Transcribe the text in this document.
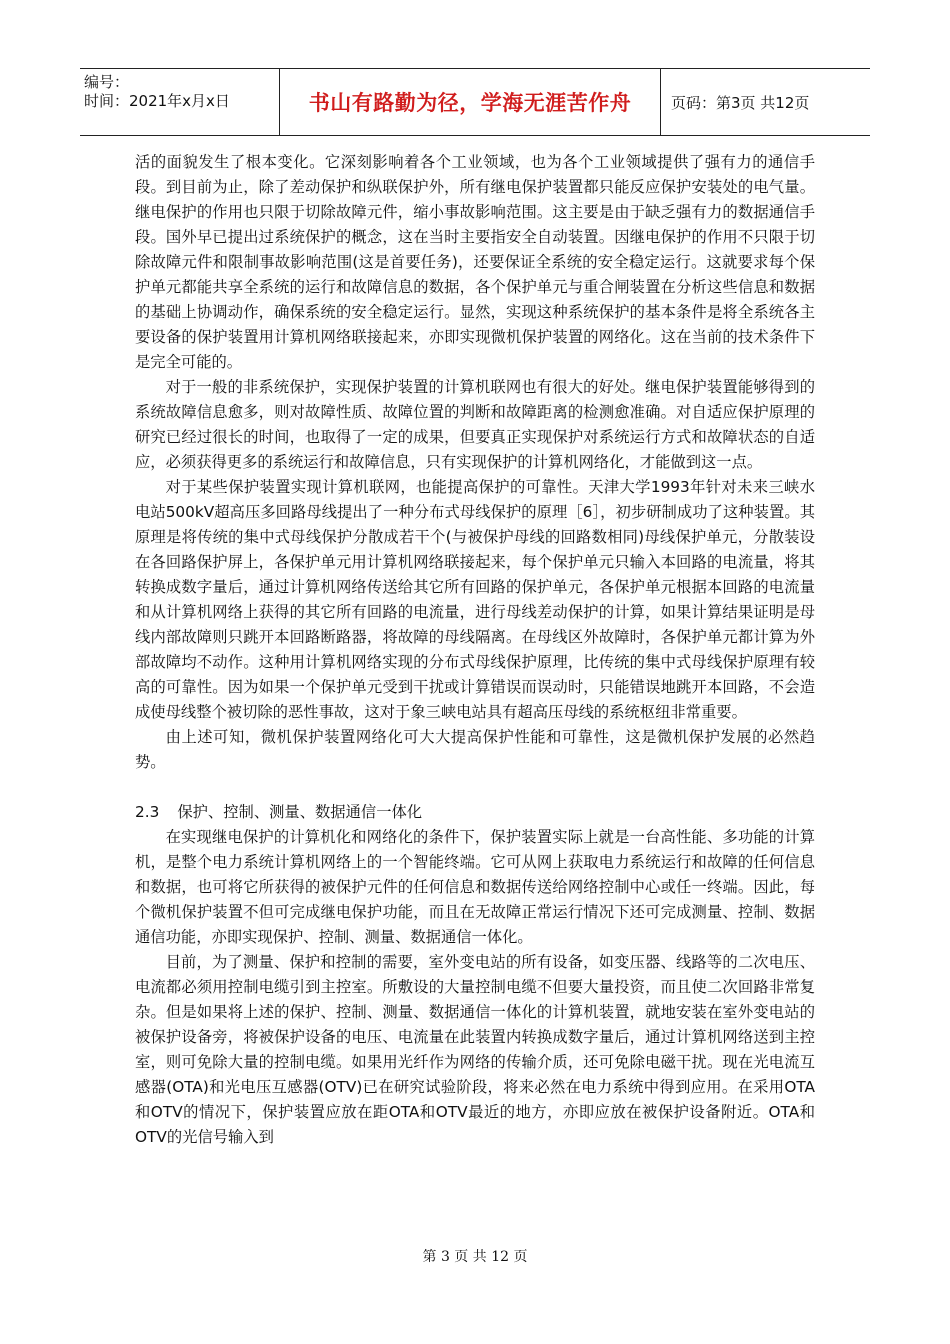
编号：
时间：2021年x月x日	书山有路勤为径，学海无涯苦作舟	页码：第3页 共12页

活的面貌发生了根本变化。它深刻影响着各个工业领域，也为各个工业领域提供了强有力的通信手段。到目前为止，除了差动保护和纵联保护外，所有继电保护装置都只能反应保护安装处的电气量。继电保护的作用也只限于切除故障元件，缩小事故影响范围。这主要是由于缺乏强有力的数据通信手段。国外早已提出过系统保护的概念，这在当时主要指安全自动装置。因继电保护的作用不只限于切除故障元件和限制事故影响范围(这是首要任务)，还要保证全系统的安全稳定运行。这就要求每个保护单元都能共享全系统的运行和故障信息的数据，各个保护单元与重合闸装置在分析这些信息和数据的基础上协调动作，确保系统的安全稳定运行。显然，实现这种系统保护的基本条件是将全系统各主要设备的保护装置用计算机网络联接起来，亦即实现微机保护装置的网络化。这在当前的技术条件下是完全可能的。

对于一般的非系统保护，实现保护装置的计算机联网也有很大的好处。继电保护装置能够得到的系统故障信息愈多，则对故障性质、故障位置的判断和故障距离的检测愈准确。对自适应保护原理的研究已经过很长的时间，也取得了一定的成果，但要真正实现保护对系统运行方式和故障状态的自适应，必须获得更多的系统运行和故障信息，只有实现保护的计算机网络化，才能做到这一点。

对于某些保护装置实现计算机联网，也能提高保护的可靠性。天津大学1993年针对未来三峡水电站500kV超高压多回路母线提出了一种分布式母线保护的原理［6］，初步研制成功了这种装置。其原理是将传统的集中式母线保护分散成若干个(与被保护母线的回路数相同)母线保护单元，分散装设在各回路保护屏上，各保护单元用计算机网络联接起来，每个保护单元只输入本回路的电流量，将其转换成数字量后，通过计算机网络传送给其它所有回路的保护单元，各保护单元根据本回路的电流量和从计算机网络上获得的其它所有回路的电流量，进行母线差动保护的计算，如果计算结果证明是母线内部故障则只跳开本回路断路器，将故障的母线隔离。在母线区外故障时，各保护单元都计算为外部故障均不动作。这种用计算机网络实现的分布式母线保护原理，比传统的集中式母线保护原理有较高的可靠性。因为如果一个保护单元受到干扰或计算错误而误动时，只能错误地跳开本回路，不会造成使母线整个被切除的恶性事故，这对于象三峡电站具有超高压母线的系统枢纽非常重要。

由上述可知，微机保护装置网络化可大大提高保护性能和可靠性，这是微机保护发展的必然趋势。

2.3 保护、控制、测量、数据通信一体化

在实现继电保护的计算机化和网络化的条件下，保护装置实际上就是一台高性能、多功能的计算机，是整个电力系统计算机网络上的一个智能终端。它可从网上获取电力系统运行和故障的任何信息和数据，也可将它所获得的被保护元件的任何信息和数据传送给网络控制中心或任一终端。因此，每个微机保护装置不但可完成继电保护功能，而且在无故障正常运行情况下还可完成测量、控制、数据通信功能，亦即实现保护、控制、测量、数据通信一体化。

目前，为了测量、保护和控制的需要，室外变电站的所有设备，如变压器、线路等的二次电压、电流都必须用控制电缆引到主控室。所敷设的大量控制电缆不但要大量投资，而且使二次回路非常复杂。但是如果将上述的保护、控制、测量、数据通信一体化的计算机装置，就地安装在室外变电站的被保护设备旁，将被保护设备的电压、电流量在此装置内转换成数字量后，通过计算机网络送到主控室，则可免除大量的控制电缆。如果用光纤作为网络的传输介质，还可免除电磁干扰。现在光电流互感器(OTA)和光电压互感器(OTV)已在研究试验阶段，将来必然在电力系统中得到应用。在采用OTA和OTV的情况下，保护装置应放在距OTA和OTV最近的地方，亦即应放在被保护设备附近。OTA和OTV的光信号输入到

第 3 页 共 12 页
